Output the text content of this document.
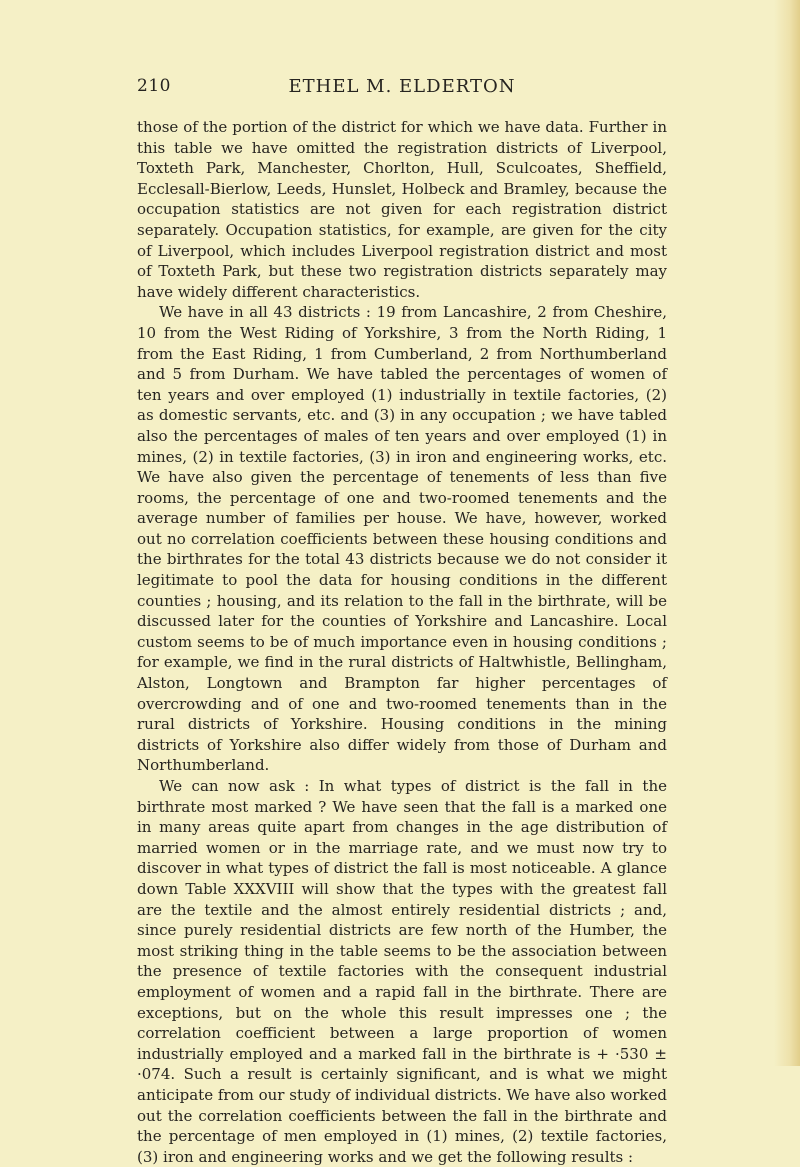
210	ETHEL M. ELDERTON

those of the portion of the district for which we have data. Further in this table we have omitted the registration districts of Liverpool, Toxteth Park, Manchester, Chorlton, Hull, Sculcoates, Sheffield, Ecclesall-Bierlow, Leeds, Hunslet, Holbeck and Bramley, because the occupation statistics are not given for each registration district separately. Occupation statistics, for example, are given for the city of Liverpool, which includes Liverpool registration district and most of Toxteth Park, but these two registration districts separately may have widely different characteristics.

We have in all 43 districts : 19 from Lancashire, 2 from Cheshire, 10 from the West Riding of Yorkshire, 3 from the North Riding, 1 from the East Riding, 1 from Cumberland, 2 from Northumberland and 5 from Durham. We have tabled the percentages of women of ten years and over employed (1) industrially in textile factories, (2) as domestic servants, etc. and (3) in any occupation ; we have tabled also the percentages of males of ten years and over employed (1) in mines, (2) in textile factories, (3) in iron and engineering works, etc. We have also given the percentage of tenements of less than five rooms, the percentage of one and two-roomed tenements and the average number of families per house. We have, however, worked out no correlation coefficients between these housing conditions and the birthrates for the total 43 districts because we do not consider it legitimate to pool the data for housing conditions in the different counties ; housing, and its relation to the fall in the birthrate, will be discussed later for the counties of Yorkshire and Lancashire. Local custom seems to be of much importance even in housing conditions ; for example, we find in the rural districts of Haltwhistle, Bellingham, Alston, Longtown and Brampton far higher percentages of overcrowding and of one and two-roomed tenements than in the rural districts of Yorkshire. Housing conditions in the mining districts of Yorkshire also differ widely from those of Durham and Northumberland.

We can now ask : In what types of district is the fall in the birthrate most marked ? We have seen that the fall is a marked one in many areas quite apart from changes in the age distribution of married women or in the marriage rate, and we must now try to discover in what types of district the fall is most noticeable. A glance down Table XXXVIII will show that the types with the greatest fall are the textile and the almost entirely residential districts ; and, since purely residential districts are few north of the Humber, the most striking thing in the table seems to be the association between the presence of textile factories with the consequent industrial employment of women and a rapid fall in the birthrate. There are exceptions, but on the whole this result impresses one ; the correlation coefficient between a large proportion of women industrially employed and a marked fall in the birthrate is + ·530 ± ·074. Such a result is certainly significant, and is what we might anticipate from our study of individual districts. We have also worked out the correlation coefficients between the fall in the birthrate and the percentage of men employed in (1) mines, (2) textile factories, (3) iron and engineering works and we get the following results :
